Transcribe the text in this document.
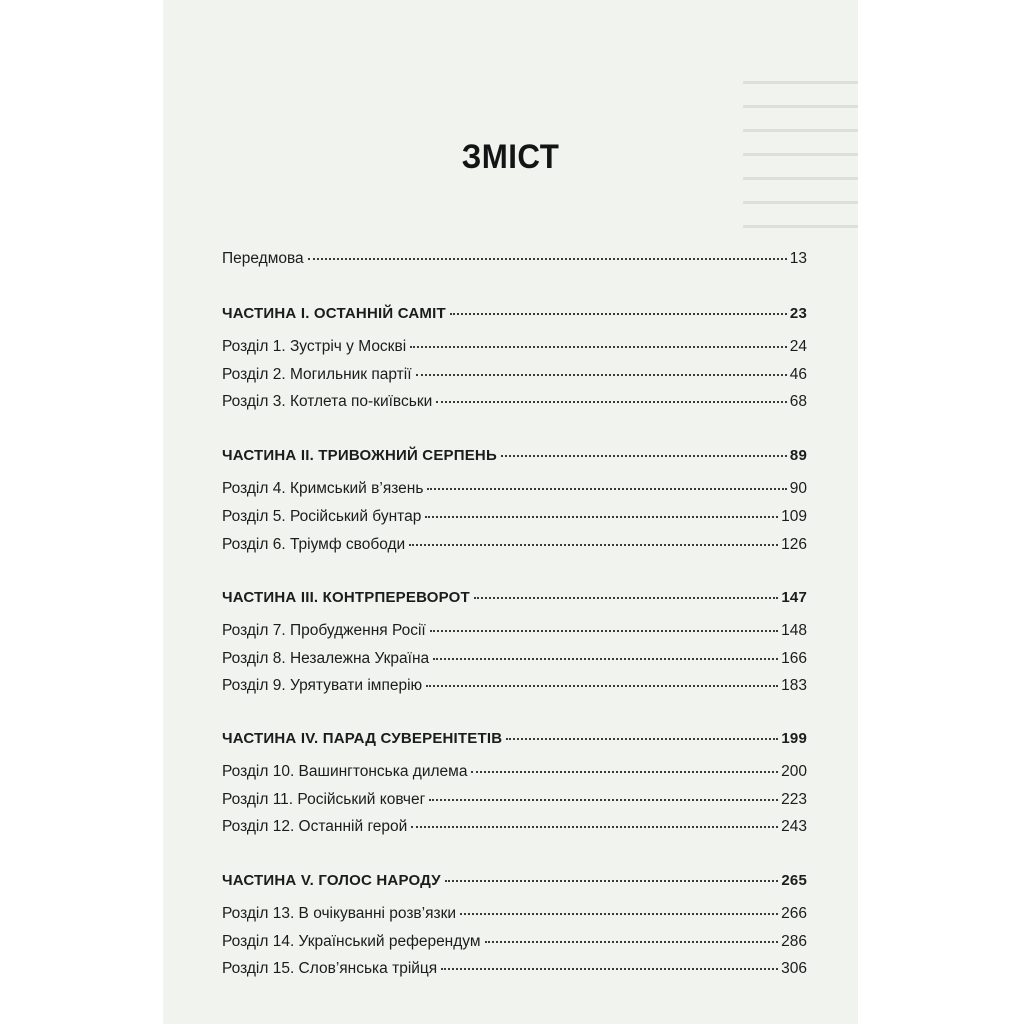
ЗМІСТ
Передмова	13
ЧАСТИНА І. ОСТАННІЙ САМІТ	23
Розділ 1. Зустріч у Москві	24
Розділ 2. Могильник партії	46
Розділ 3. Котлета по-київськи	68
ЧАСТИНА ІІ. ТРИВОЖНИЙ СЕРПЕНЬ	89
Розділ 4. Кримський в’язень	90
Розділ 5. Російський бунтар	109
Розділ 6. Тріумф свободи	126
ЧАСТИНА ІІІ. КОНТРПЕРЕВОРОТ	147
Розділ 7. Пробудження Росії	148
Розділ 8. Незалежна Україна	166
Розділ 9. Урятувати імперію	183
ЧАСТИНА IV. ПАРАД СУВЕРЕНІТЕТІВ	199
Розділ 10. Вашингтонська дилема	200
Розділ 11. Російський ковчег	223
Розділ 12. Останній герой	243
ЧАСТИНА V. ГОЛОС НАРОДУ	265
Розділ 13. В очікуванні розв’язки	266
Розділ 14. Український референдум	286
Розділ 15. Слов’янська трійця	306
